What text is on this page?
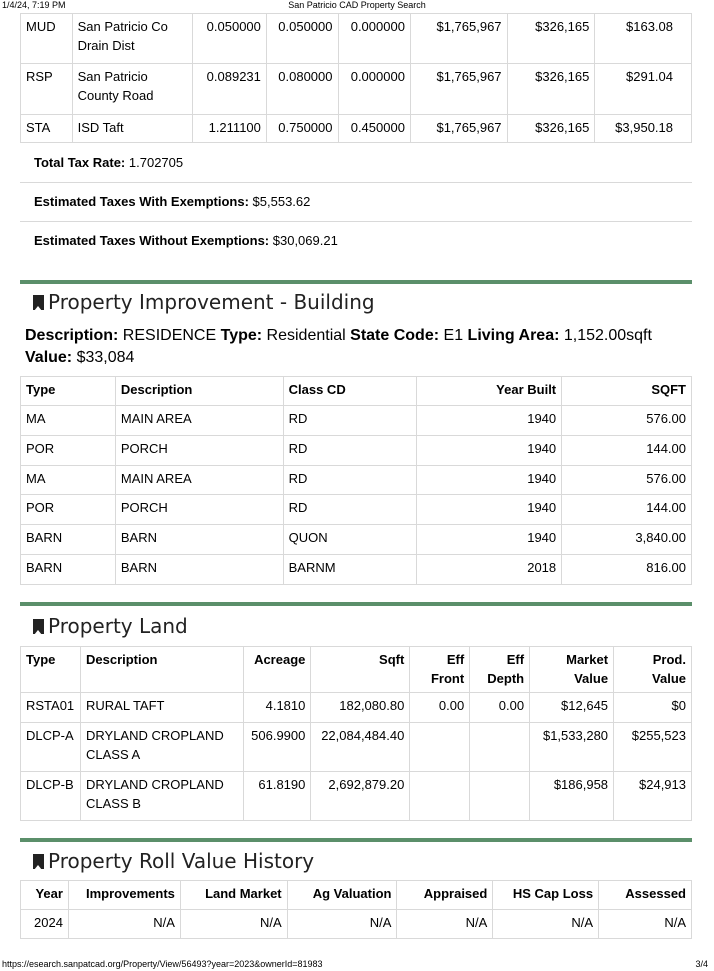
1/4/24, 7:19 PM	San Patricio CAD Property Search
MUD	San Patricio Co Drain Dist	0.050000	0.050000	0.000000	$1,765,967	$326,165	$163.08
RSP	San Patricio County Road	0.089231	0.080000	0.000000	$1,765,967	$326,165	$291.04
STA	ISD Taft	1.211100	0.750000	0.450000	$1,765,967	$326,165	$3,950.18
Total Tax Rate: 1.702705
Estimated Taxes With Exemptions: $5,553.62
Estimated Taxes Without Exemptions: $30,069.21
Property Improvement - Building
Description: RESIDENCE Type: Residential State Code: E1 Living Area: 1,152.00sqft
Value: $33,084
Type	Description	Class CD	Year Built	SQFT
MA	MAIN AREA	RD	1940	576.00
POR	PORCH	RD	1940	144.00
MA	MAIN AREA	RD	1940	576.00
POR	PORCH	RD	1940	144.00
BARN	BARN	QUON	1940	3,840.00
BARN	BARN	BARNM	2018	816.00
Property Land
Type	Description	Acreage	Sqft	Eff Front	Eff Depth	Market Value	Prod. Value
RSTA01	RURAL TAFT	4.1810	182,080.80	0.00	0.00	$12,645	$0
DLCP-A	DRYLAND CROPLAND CLASS A	506.9900	22,084,484.40			$1,533,280	$255,523
DLCP-B	DRYLAND CROPLAND CLASS B	61.8190	2,692,879.20			$186,958	$24,913
Property Roll Value History
Year	Improvements	Land Market	Ag Valuation	Appraised	HS Cap Loss	Assessed
2024	N/A	N/A	N/A	N/A	N/A	N/A
https://esearch.sanpatcad.org/Property/View/56493?year=2023&ownerId=81983	3/4
